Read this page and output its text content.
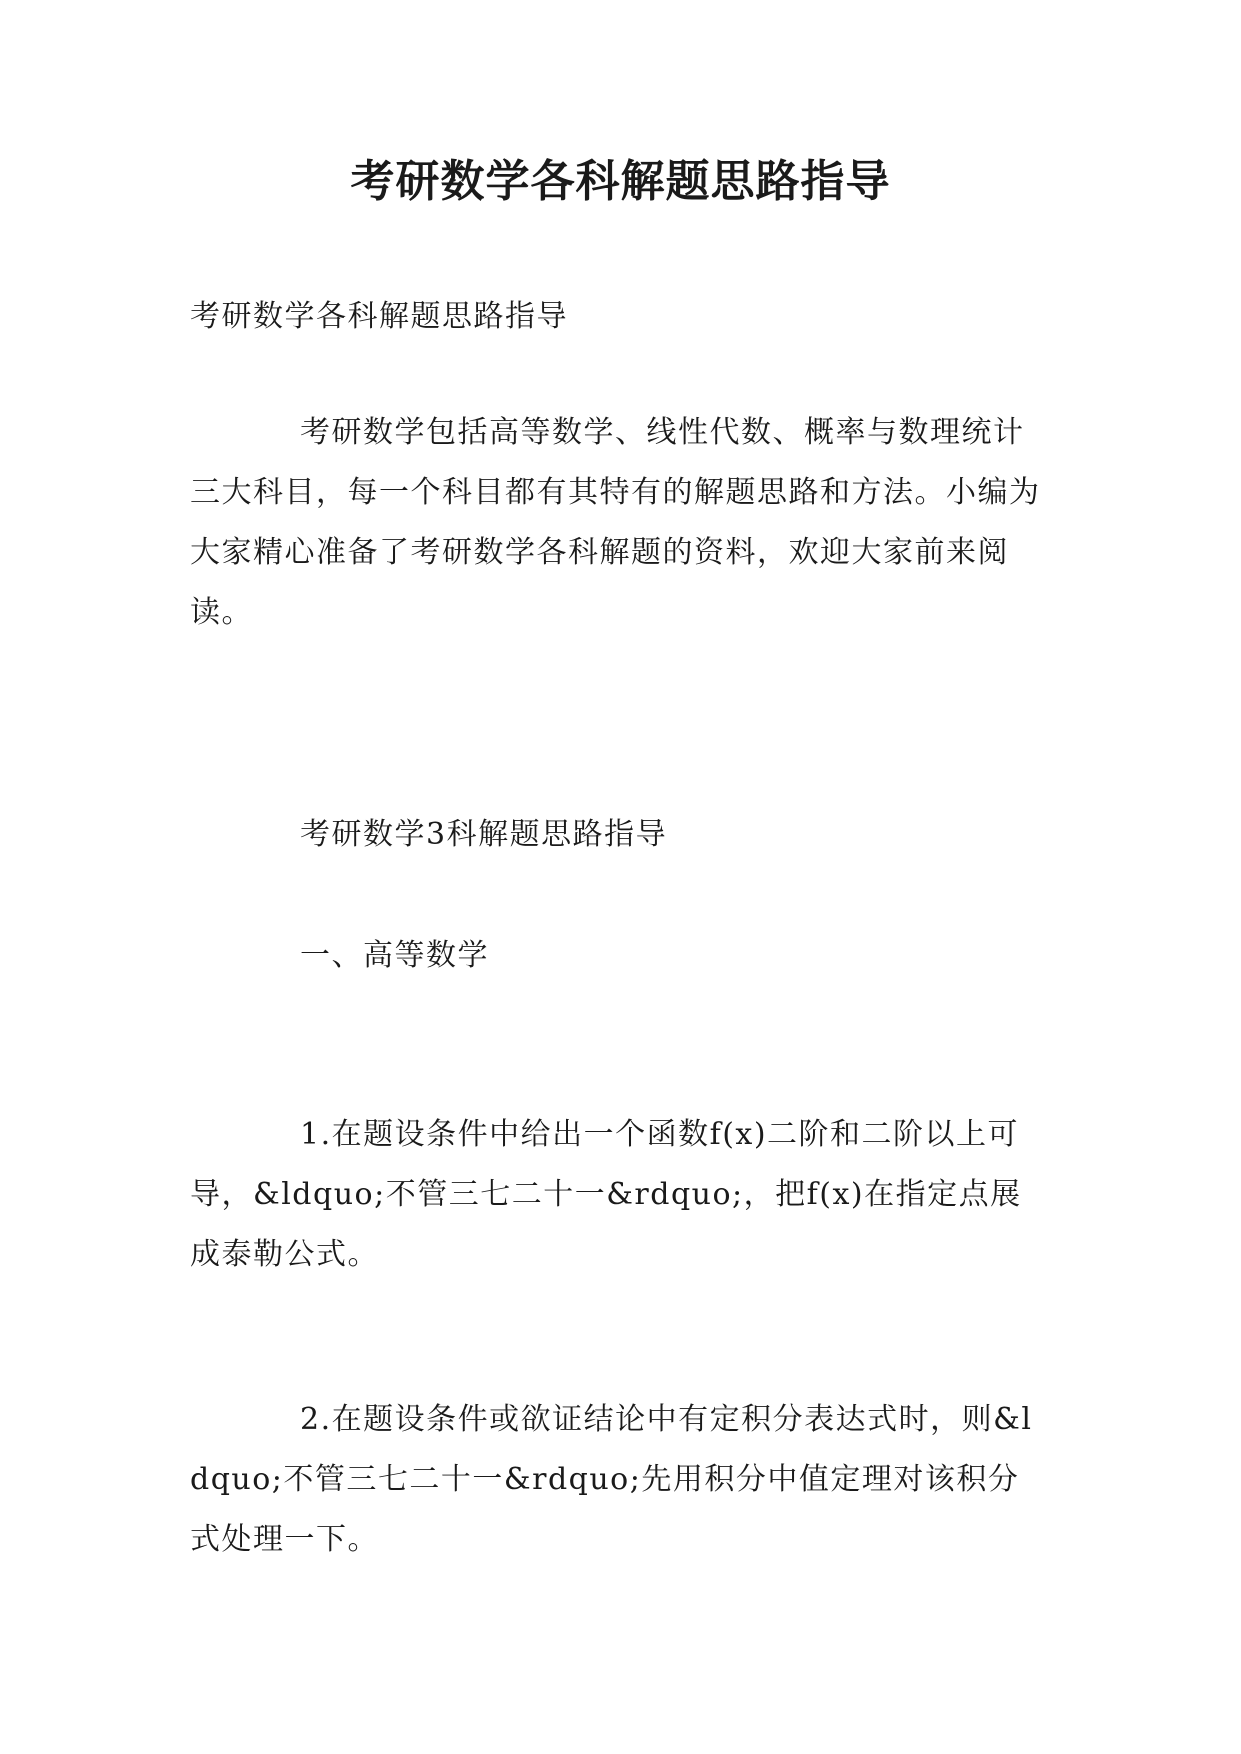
考研数学各科解题思路指导

考研数学各科解题思路指导

考研数学包括高等数学、线性代数、概率与数理统计三大科目，每一个科目都有其特有的解题思路和方法。小编为大家精心准备了考研数学各科解题的资料，欢迎大家前来阅读。

考研数学3科解题思路指导

一、高等数学

1.在题设条件中给出一个函数f(x)二阶和二阶以上可导，&ldquo;不管三七二十一&rdquo;，把f(x)在指定点展成泰勒公式。

2.在题设条件或欲证结论中有定积分表达式时，则&ldquo;不管三七二十一&rdquo;先用积分中值定理对该积分式处理一下。
